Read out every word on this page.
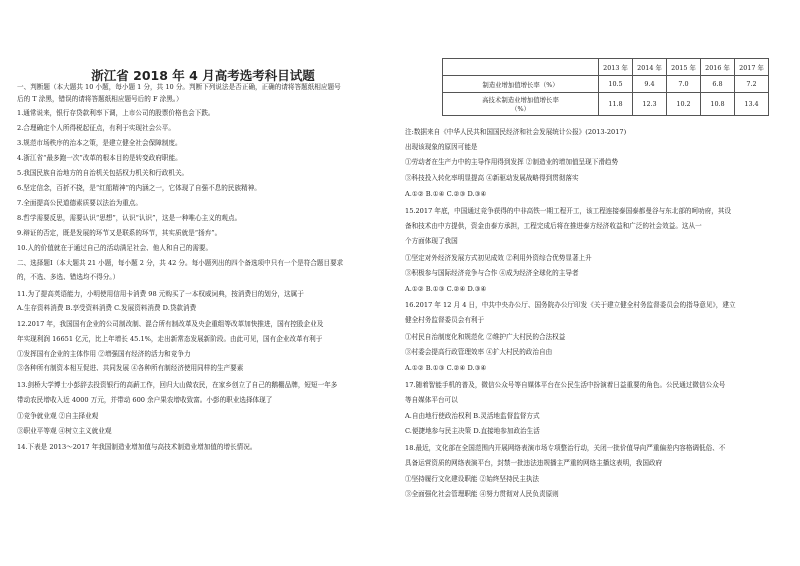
浙江省 2018 年 4 月高考选考科目试题
一、判断题（本大题共 10 小题，每小题 1 分，共 10 分。判断下列说法是否正确，正确的请将答题纸相应题号
后的 T 涂黑，错误的请将答题纸相应题号后的 F 涂黑。）
1.通常说来，银行存贷款利率下调，上市公司的股票价格也会下跌。
2.合理确定个人所得税起征点，有利于实现社会公平。
3.规范市场秩序的治本之策，是建立健全社会保障制度。
4.浙江省“最多跑一次”改革的根本目的是转变政府职能。
5.我国民族自治地方的自治机关包括权力机关和行政机关。
6.坚定信念，百折不挠，是“红船精神”的内涵之一，它体现了自强不息的民族精神。
7.全面提高公民道德素质要以法治为重点。
8.哲学需要反思，需要认识“思想”，认识“认识”，这是一种唯心主义的观点。
9.辩证的否定，既是发展的环节又是联系的环节，其实质就是“扬弃”。
10.人的价值就在于通过自己的活动满足社会、他人和自己的需要。
二、选择题Ⅰ（本大题共 21 小题，每小题 2 分，共 42 分。每小题列出的四个备选项中只有一个是符合题目要求
的，不选、多选、错选均不得分。）
11.为了提高英语能力，小明使用信用卡消费 98 元购买了一本权威词典，按消费目的划分，这属于
A.生存资料消费 B.享受资料消费 C.发展资料消费 D.贷款消费
12.2017 年，我国国有企业的公司制改制、混合所有制改革及央企重组等改革加快推进，国有控股企业及
年实现利润 16651 亿元，比上年增长 45.1%，走出新常态发展新阶段。由此可见，国有企业改革有利于
①发挥国有企业的主体作用 ②增强国有经济的活力和竞争力
③各种所有制资本相互促进、共同发展 ④各种所有制经济使用同样的生产要素
13.剑桥大学博士小彭辞去投资银行的高薪工作，回归大山做农民，在家乡创立了自己的鹅棚品牌，短短一年多
带动农民增收入近 4000 万元，并带动 600 余户果农增收致富。小彭的职业选择体现了
①竞争就业观 ②自主择业观
③职业平等观 ④树立主义就业观
14.下表是 2013～2017 年我国制造业增加值与高技术制造业增加值的增长情况。
	2013 年	2014 年	2015 年	2016 年	2017 年
制造业增加值增长率（%）	10.5	9.4	7.0	6.8	7.2

高技术制造业增加值增长率
（%）	11.8	12.3	10.2	10.8	13.4
注:数据来自《中华人民共和国国民经济和社会发展统计公报》(2013-2017)
出现该现象的原因可能是
①劳动者在生产力中的主导作用得到发挥 ②制造业的增加值呈现下滑趋势
③科技投入转化率明显提高 ④新驱动发展战略得到贯彻落实
A.①② B.①④ C.②③ D.③④
15.2017 年底，中国通过竞争获得的中非高铁一期工程开工，该工程连接泰国泰都曼谷与东北部的呵叻府，其设
备和技术由中方提供，资金由泰方承担，工程完成后将在推进泰方经济收益和广泛的社会效益。这从一
个方面体现了我国
①坚定对外经济发展方式初见成效 ②利用外资综合优势显著上升
③积极参与国际经济竞争与合作 ④成为经济全球化的主导者
A.①② B.①③ C.②④ D.③④
16.2017 年 12 月 4 日，中共中央办公厅、国务院办公厅印发《关于建立健全村务监督委员会的指导意见》，建立
健全村务监督委员会有利于
①村民自治制度化和规范化 ②维护广大村民的合法权益
③村委会提高行政管理效率 ④扩大村民的政治自由
A.①② B.①③ C.②④ D.③④
17.随着智能手机的普及，微信公众号等自媒体平台在公民生活中扮演着日益重要的角色。公民通过微信公众号
等自媒体平台可以
A.自由地行使政治权利 B.灵活地监督监督方式
C.便捷地参与民主决策 D.直接地参加政治生活
18.最近，文化部在全国范围内开展网络表演市场专项整治行动，关闭一批价值导向严重偏差内容格调低俗、不
具备运营资质的网络表演平台，封禁一批违法违规播主严重的网络主播这表明，我国政府
①坚持履行文化建设职能 ②始终坚持民主执法
③全面强化社会管理职能 ④努力贯彻对人民负责原则
